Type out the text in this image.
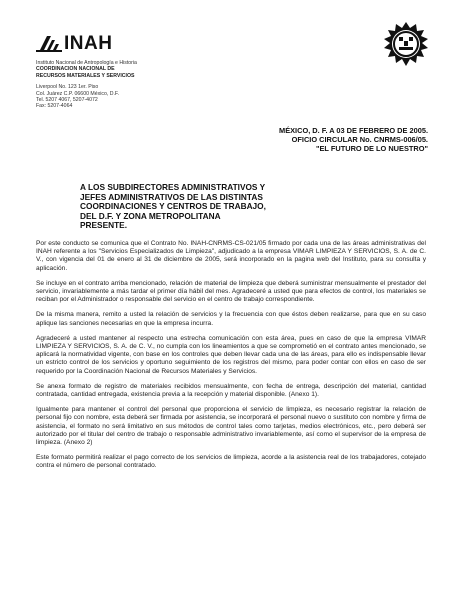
INAH
Instituto Nacional de Antropología e Historia
COORDINACION NACIONAL DE
RECURSOS MATERIALES Y SERVICIOS
Liverpool No. 123 1er. Piso
Col. Juárez C.P. 06600 México, D.F.
Tel. 5207 4067, 5207-4072
Fax: 5207-4064
MÉXICO, D. F. A 03 DE FEBRERO DE 2005.
OFICIO CIRCULAR No. CNRMS-006/05.
"EL FUTURO DE LO NUESTRO"
A LOS SUBDIRECTORES ADMINISTRATIVOS Y
JEFES ADMINISTRATIVOS DE LAS DISTINTAS
COORDINACIONES Y CENTROS DE TRABAJO,
DEL D.F. Y ZONA METROPOLITANA
PRESENTE.

Por este conducto se comunica que el Contrato No. INAH-CNRMS-CS-021/05 firmado por cada una de las áreas administrativas del INAH referente a los "Servicios Especializados de Limpieza", adjudicado a la empresa VIMAR LIMPIEZA Y SERVICIOS, S. A. de C. V., con vigencia del 01 de enero al 31 de diciembre de 2005, será incorporado en la pagina web del Instituto, para su consulta y aplicación.

Se incluye en el contrato arriba mencionado, relación de material de limpieza que deberá suministrar mensualmente el prestador del servicio, invariablemente a más tardar el primer día hábil del mes. Agradeceré a usted que para efectos de control, los materiales se reciban por el Administrador o responsable del servicio en el centro de trabajo correspondiente.

De la misma manera, remito a usted la relación de servicios y la frecuencia con que éstos deben realizarse, para que en su caso aplique las sanciones necesarias en que la empresa incurra.

Agradeceré a usted mantener al respecto una estrecha comunicación con esta área, pues en caso de que la empresa VIMAR LIMPIEZA Y SERVICIOS, S. A. de C. V., no cumpla con los lineamientos a que se comprometió en el contrato antes mencionado, se aplicará la normatividad vigente, con base en los controles que deben llevar cada una de las áreas, para ello es indispensable llevar un estricto control de los servicios y oportuno seguimiento de los registros del mismo, para poder contar con ellos en caso de ser requerido por la Coordinación Nacional de Recursos Materiales y Servicios.

Se anexa formato de registro de materiales recibidos mensualmente, con fecha de entrega, descripción del material, cantidad contratada, cantidad entregada, existencia previa a la recepción y material disponible. (Anexo 1).

Igualmente para mantener el control del personal que proporciona el servicio de limpieza, es necesario registrar la relación de personal fijo con nombre, esta deberá ser firmada por asistencia, se incorporará el personal nuevo o sustituto con nombre y firma de asistencia, el formato no será limitativo en sus métodos de control tales como tarjetas, medios electrónicos, etc., pero deberá ser autorizado por el titular del centro de trabajo o responsable administrativo invariablemente, así como el supervisor de la empresa de limpieza. (Anexo 2)

Este formato permitirá realizar el pago correcto de los servicios de limpieza, acorde a la asistencia real de los trabajadores, cotejado contra el número de personal contratado.
